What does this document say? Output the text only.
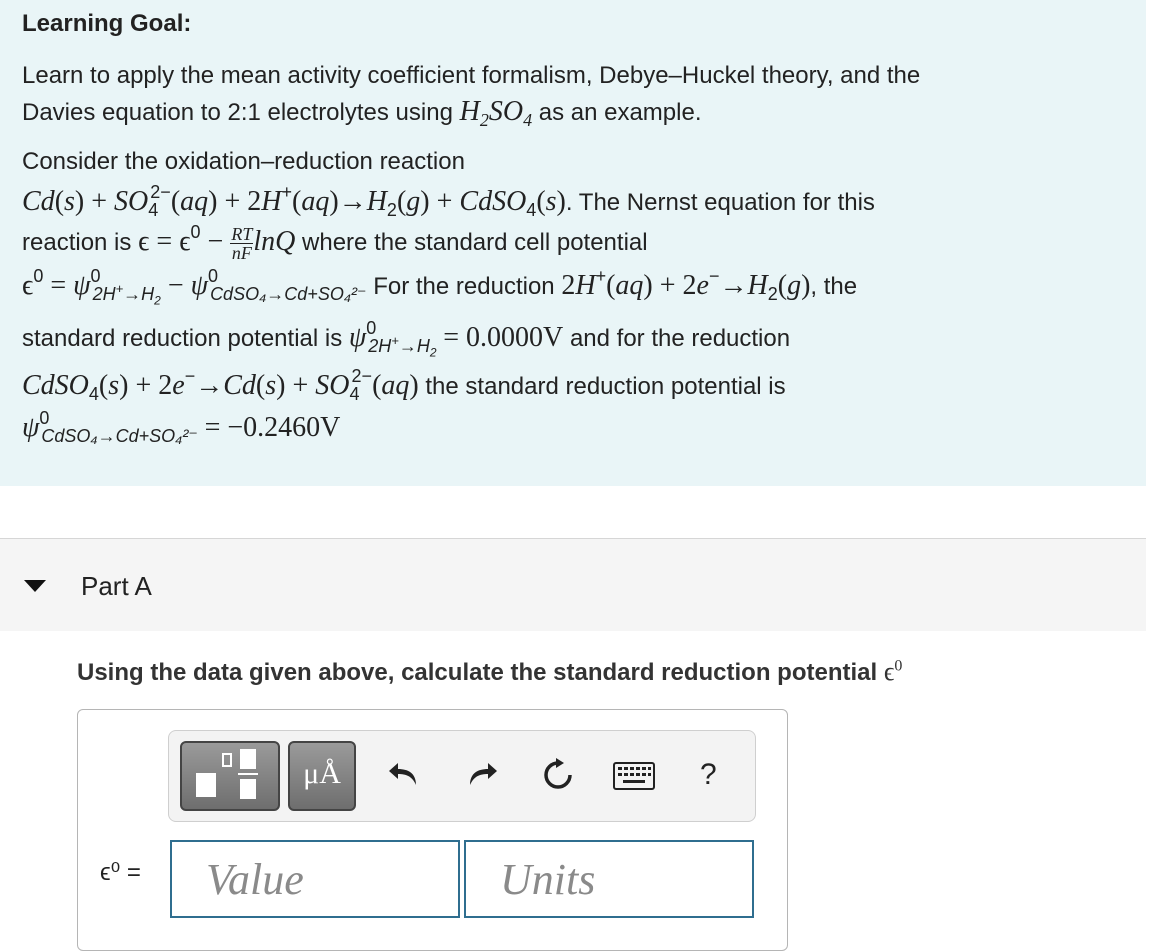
Learning Goal:
Learn to apply the mean activity coefficient formalism, Debye–Huckel theory, and the
Davies equation to 2:1 electrolytes using $H_2SO_4$ as an example.
Consider the oxidation–reduction reaction
$Cd(s) + SO_4^{2-}(aq) + 2H^+(aq)\to H_2(g)$ + CdSO$_4$(s). The Nernst equation for this
reaction is $\epsilon = \epsilon^0 - \frac{RT}{nF}$ lnQ where the standard cell potential
$\epsilon^0 = \psi^0_{2H^+\to H_2} - \psi^0_{CdSO_4\to Cd+SO_4^{2-}}$ For the reduction $2H^+(aq) + 2e^-\to H_2(g)$, the
standard reduction potential is $\psi^0_{2H^+\to H_2} = 0.0000V$ and for the reduction
CdSO$_4$(s) + $2e^-\to Cd(s) + SO_4^{2-}(aq)$ the standard reduction potential is
$\psi^0_{CdSO_4\to Cd+SO_4^{2-}} = -0.2460V$
Part A
Using the data given above, calculate the standard reduction potential $\epsilon^0$
μÅ	?
ϵ⁰ =
Value
Units
